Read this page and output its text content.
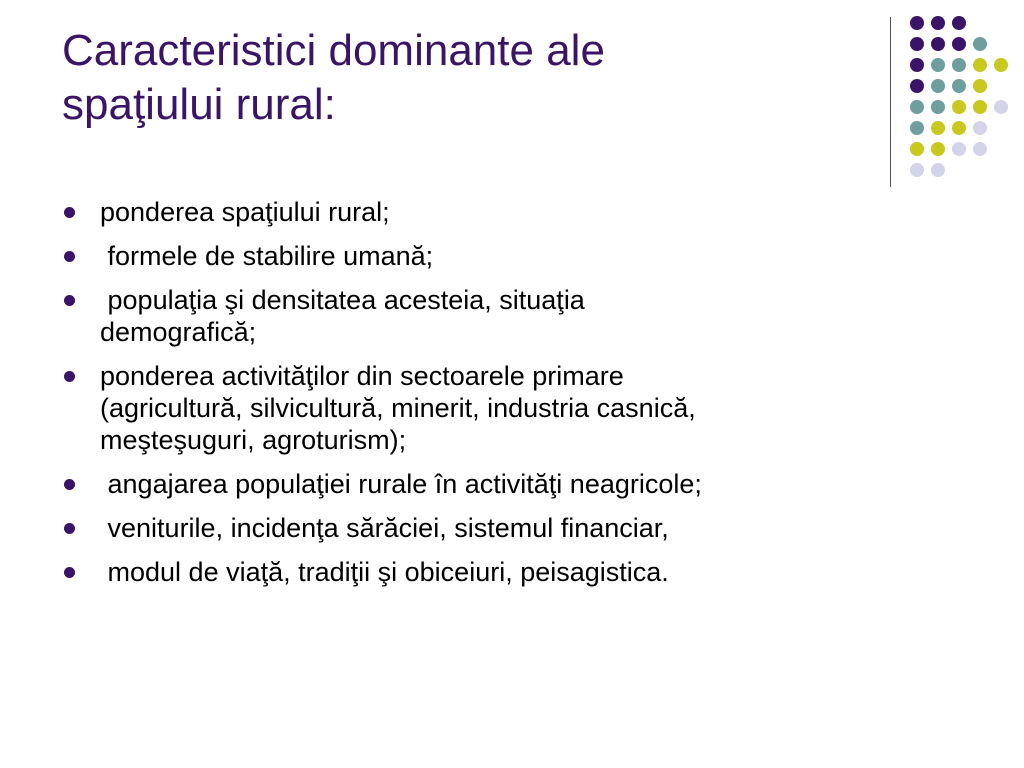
Caracteristici dominante ale
spaţiului rural:
ponderea spaţiului rural;
formele de stabilire umană;
populaţia şi densitatea acesteia, situaţia
demografică;
ponderea activităţilor din sectoarele primare
(agricultură, silvicultură, minerit, industria casnică,
meşteşuguri, agroturism);
angajarea populaţiei rurale în activităţi neagricole;
veniturile, incidenţa sărăciei, sistemul financiar,
modul de viaţă, tradiţii şi obiceiuri, peisagistica.
